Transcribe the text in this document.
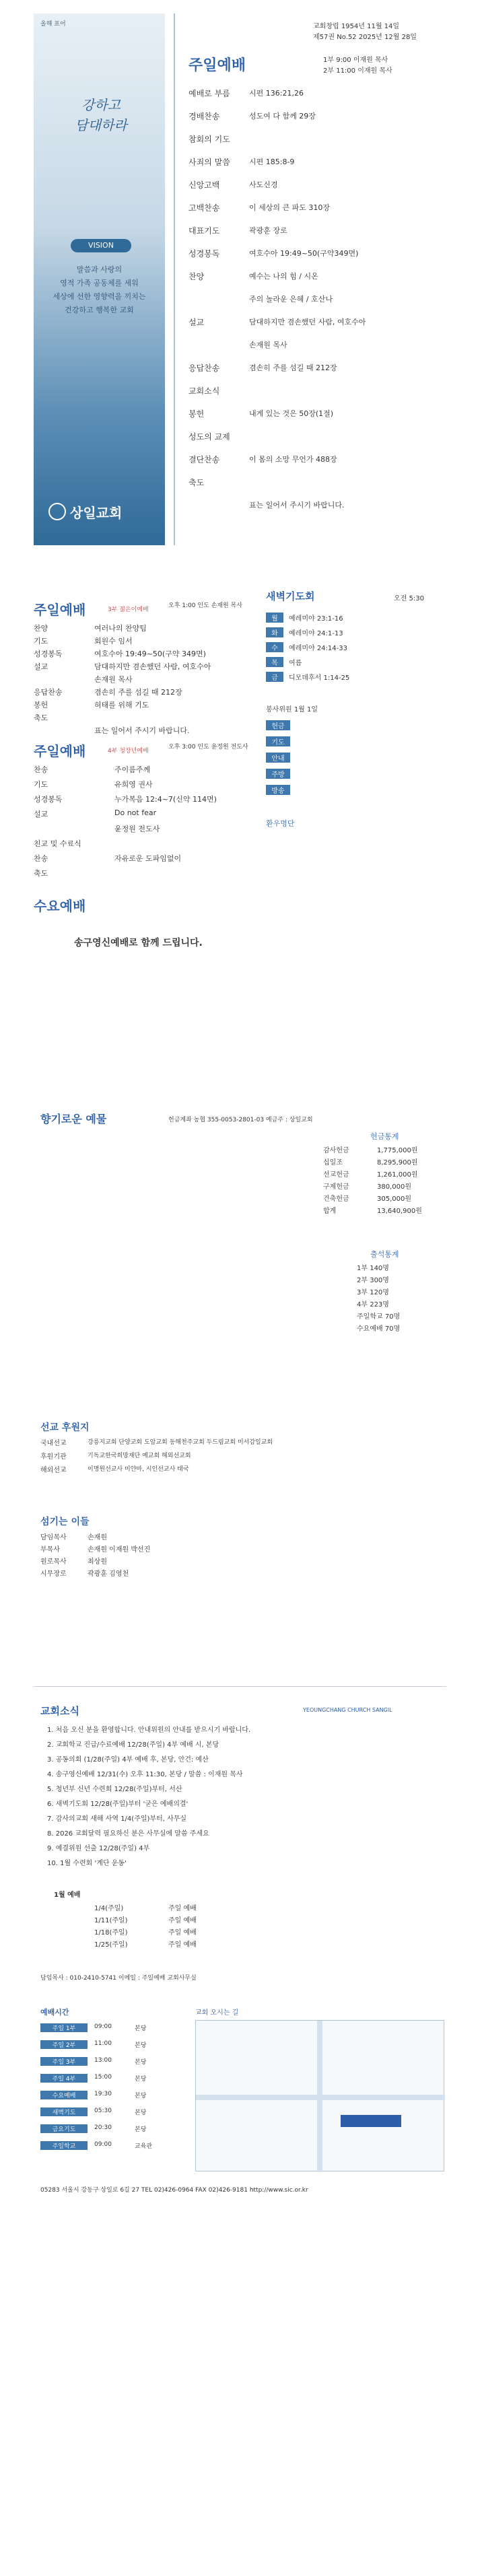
올해 표어
강하고
담대하라
VISION
말씀과 사랑의
영적 가족 공동체를 세워
세상에 선한 영향력을 끼치는
건강하고 행복한 교회
상일교회
교회창립 1954년 11월 14일
제57권 No.52 2025년 12월 28일
주일예배	1부 9:00 이재원 목사
2부 11:00 이재원 목사
예배로 부름	시편 136:21,26
경배찬송	성도여 다 함께 29장
참회의 기도
사죄의 말씀	시편 185:8-9
신앙고백	사도신경
고백찬송	이 세상의 큰 파도 310장
대표기도	곽광훈 장로
성경봉독	여호수아 19:49~50(구약349면)
찬양	예수는 나의 힘 / 시온
주의 놀라운 은혜 / 호산나
설교	담대하지만 겸손했던 사람, 여호수아
손재원 목사
응답찬송	겸손히 주를 섬길 때 212장
교회소식
봉헌	내게 있는 것은 50장(1절)
성도의 교제
결단찬송	이 몸의 소망 무언가 488장
축도
표는 일어서 주시기 바랍니다.
주일예배	3부 젊은이예배
오후 1:00 인도 손재원 목사
찬양	여러나의 찬양팀
기도	회원수 임서
성경봉독	여호수아 19:49~50(구약 349면)
설교	담대하지만 겸손했던 사람, 여호수아
손재원 목사
응답찬송	겸손히 주를 섬길 때 212장
봉헌	허태를 위해 기도
축도
표는 일어서 주시기 바랍니다.
주일예배	4부 청장년예배
오후 3:00 인도 윤정원 전도사
찬송	주이름주께
기도	유희영 권사
성경봉독	누가복음 12:4~7(신약 114면)
설교	Do not fear
윤정원 전도사
친교 및 수료식
찬송	자유로운 도파임없이
축도
수요예배
송구영신예배로 함께 드립니다.
새벽기도회	오전 5:30
월	예레미야 23:1-16
화	예레미야 24:1-13
수	예레미야 24:14-33
목	여름
금	디모데후서 1:14-25
봉사위원 1월 1일
헌금
기도
안내
주방
방송
환우명단
향기로운 예물	헌금계좌 농협 355-0053-2801-03 예금주 : 상일교회
헌금통계
감사헌금	1,775,000원
십일조	8,295,900원
선교헌금	1,261,000원
구제헌금	380,000원
건축헌금	305,000원
합계	13,640,900원
출석통계
1부 140명
2부 300명
3부 120명
4부 223명
주일학교 70명
수요예배 70명
선교 후원지
국내선교	강릉지교회 단양교회 도암교회 동해천주교회 두드림교회 미서감일교회
후원기관	기독교한국희망재단 예교회 해외선교회
해외선교	이명원선교사 미얀마, 시인선교사 태국
섬기는 이들
담임목사	손재원
부목사	손재원 이재원 박선진
원로목사	최상원
시무장로	곽광훈 김영천
교회소식	YEOUNGCHANG CHURCH SANGIL
1. 처음 오신 분을 환영합니다. 안내위원의 안내를 받으시기 바랍니다.
2. 교회학교 진급/수료예배 12/28(주일) 4부 예배 시, 본당
3. 공동의회 (1/28(주일) 4부 예배 후, 본당, 안건: 예산
4. 송구영신예배 12/31(수) 오후 11:30, 본당 / 말씀 : 이재원 목사
5. 청년부 신년 수련회 12/28(주일)부터, 서산
6. 새벽기도회 12/28(주일)부터 '굳은 예배의결'
7. 감사의교회 새해 사역 1/4(주일)부터, 사무실
8. 2026 교회달력 필요하신 분은 사무실에 말씀 주세요
9. 예결위원 선출 12/28(주일) 4부
10. 1월 수련회 '계단 운동'
1월 예배
1/4(주일)	주일 예배
1/11(주일)	주일 예배
1/18(주일)	주일 예배
1/25(주일)	주일 예배
담임목사 : 010-2410-5741 이메일 : 주일예배 교회사무실
예배시간
주일 1부	09:00	본당
주일 2부	11:00	본당
주일 3부	13:00	본당
주일 4부	15:00	본당
수요예배	19:30	본당
새벽기도	05:30	본당
금요기도	20:30	본당
주일학교	09:00	교육관
교회 오시는 길
05283 서울시 강동구 상일로 6길 27 TEL 02)426-0964 FAX 02)426-9181 http://www.sic.or.kr
